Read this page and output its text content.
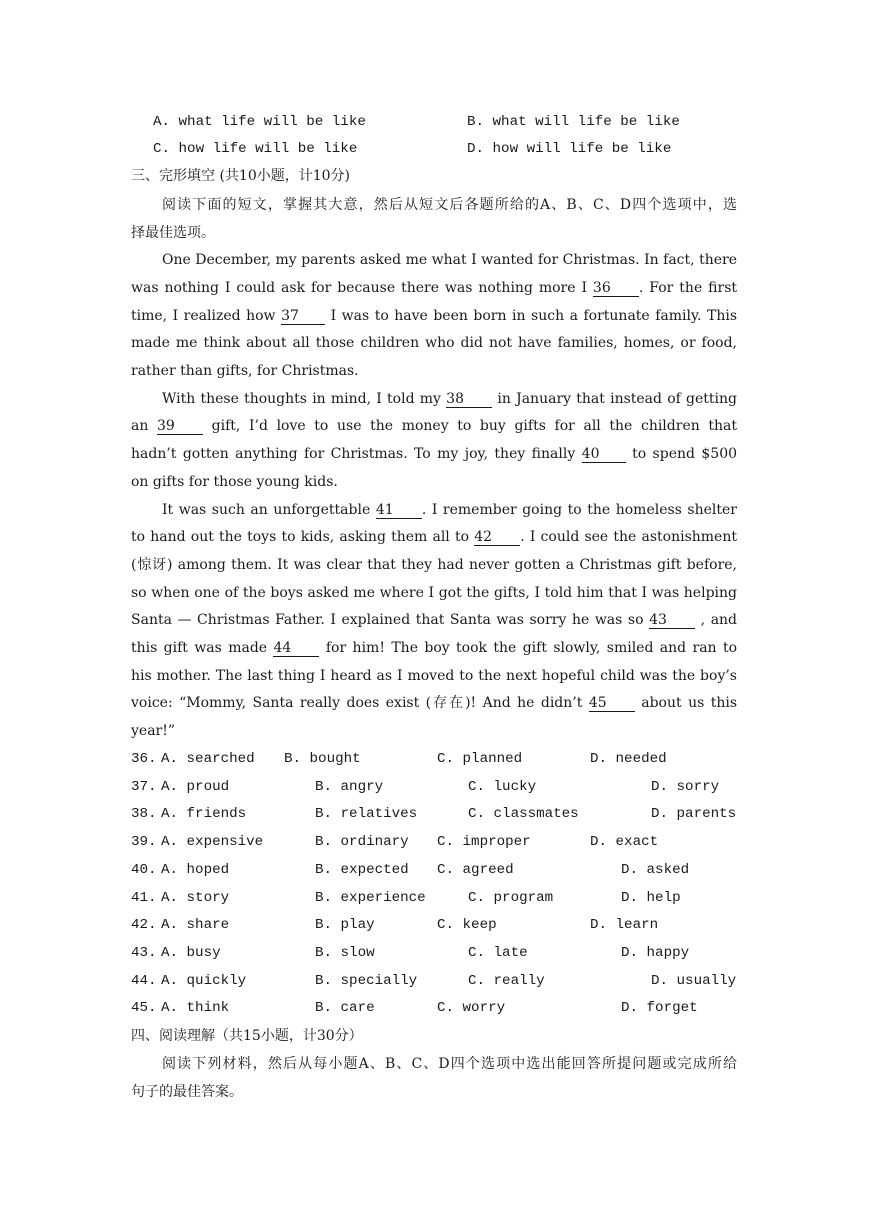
A. what life will be like	B. what will life be like
C. how life will be like	D. how will life be like
三、完形填空 (共10小题，计10分)
阅读下面的短文，掌握其大意，然后从短文后各题所给的A、B、C、D四个选项中，选
择最佳选项。
One December, my parents asked me what I wanted for Christmas. In fact, there
was nothing I could ask for because there was nothing more I 36 . For the first
time, I realized how 37 I was to have been born in such a fortunate family. This
made me think about all those children who did not have families, homes, or food,
rather than gifts, for Christmas.
With these thoughts in mind, I told my 38 in January that instead of getting
an 39	gift, I’d love to use the money to buy gifts for all the children that
hadn’t gotten anything for Christmas. To my joy, they finally 40 to spend $500
on gifts for those young kids.
It was such an unforgettable 41 . I remember going to the homeless shelter
to hand out the toys to kids, asking them all to 42 . I could see the astonishment
(惊讶) among them. It was clear that they had never gotten a Christmas gift before,
so when one of the boys asked me where I got the gifts, I told him that I was helping
Santa — Christmas Father. I explained that Santa was sorry he was so 43 , and
this gift was made 44 for him! The boy took the gift slowly, smiled and ran to
his mother. The last thing I heard as I moved to the next hopeful child was the boy’s
voice: “Mommy, Santa really does exist (存在)! And he didn’t 45 about us this
year!”
36. A. searched B. bought	C. planned	D. needed
37. A. proud	B. angry	C. lucky	D. sorry
38. A. friends	B. relatives	C. classmates	D. parents
39. A. expensive	B. ordinary C. improper	D. exact
40. A. hoped	B. expected C. agreed	D. asked
41. A. story	B. experience	C. program	D. help
42. A. share	B. play	C. keep	D. learn
43. A. busy	B. slow	C. late	D. happy
44. A. quickly	B. specially	C. really	D. usually
45. A. think	B. care	C. worry	D. forget
四、阅读理解（共15小题，计30分）
阅读下列材料，然后从每小题A、B、C、D四个选项中选出能回答所提问题或完成所给
句子的最佳答案。
